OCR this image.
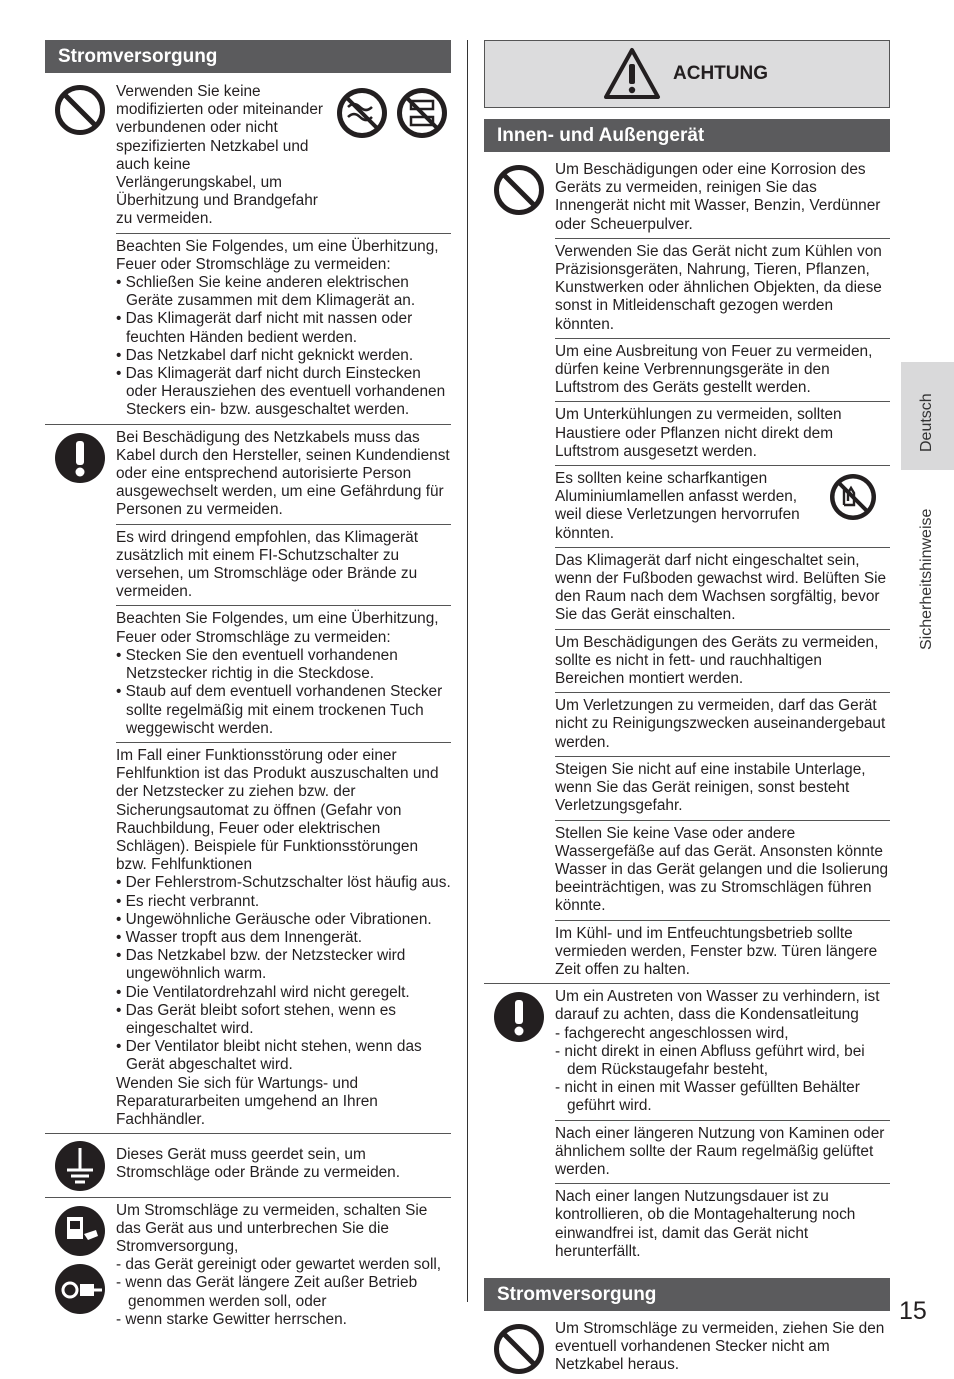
Stromversorgung

Verwenden Sie keine modifizierten oder miteinander verbundenen oder nicht spezifizierten Netzkabel und auch keine Verlängerungskabel, um Überhitzung und Brandgefahr zu vermeiden.

Beachten Sie Folgendes, um eine Überhitzung, Feuer oder Stromschläge zu vermeiden:

• Schließen Sie keine anderen elektrischen Geräte zusammen mit dem Klimagerät an.
• Das Klimagerät darf nicht mit nassen oder feuchten Händen bedient werden.
• Das Netzkabel darf nicht geknickt werden.
• Das Klimagerät darf nicht durch Einstecken oder Herausziehen des eventuell vorhandenen Steckers ein- bzw. ausgeschaltet werden.

Bei Beschädigung des Netzkabels muss das Kabel durch den Hersteller, seinen Kundendienst oder eine entsprechend autorisierte Person ausgewechselt werden, um eine Gefährdung für Personen zu vermeiden.

Es wird dringend empfohlen, das Klimagerät zusätzlich mit einem FI-Schutzschalter zu versehen, um Stromschläge oder Brände zu vermeiden.

Beachten Sie Folgendes, um eine Überhitzung, Feuer oder Stromschläge zu vermeiden:

• Stecken Sie den eventuell vorhandenen Netzstecker richtig in die Steckdose.
• Staub auf dem eventuell vorhandenen Stecker sollte regelmäßig mit einem trockenen Tuch weggewischt werden.

Im Fall einer Funktionsstörung oder einer Fehlfunktion ist das Produkt auszuschalten und der Netzstecker zu ziehen bzw. der Sicherungsautomat zu öffnen (Gefahr von Rauchbildung, Feuer oder elektrischen Schlägen). Beispiele für Funktionsstörungen bzw. Fehlfunktionen

• Der Fehlerstrom-Schutzschalter löst häufig aus.
• Es riecht verbrannt.
• Ungewöhnliche Geräusche oder Vibrationen.
• Wasser tropft aus dem Innengerät.
• Das Netzkabel bzw. der Netzstecker wird ungewöhnlich warm.
• Die Ventilatordrehzahl wird nicht geregelt.
• Das Gerät bleibt sofort stehen, wenn es eingeschaltet wird.
• Der Ventilator bleibt nicht stehen, wenn das Gerät abgeschaltet wird.

Wenden Sie sich für Wartungs- und Reparaturarbeiten umgehend an Ihren Fachhändler.

Dieses Gerät muss geerdet sein, um Stromschläge oder Brände zu vermeiden.

Um Stromschläge zu vermeiden, schalten Sie das Gerät aus und unterbrechen Sie die Stromversorgung,

- das Gerät gereinigt oder gewartet werden soll,
- wenn das Gerät längere Zeit außer Betrieb genommen werden soll, oder
- wenn starke Gewitter herrschen.
ACHTUNG
Innen- und Außengerät

Um Beschädigungen oder eine Korrosion des Geräts zu vermeiden, reinigen Sie das Innengerät nicht mit Wasser, Benzin, Verdünner oder Scheuerpulver.

Verwenden Sie das Gerät nicht zum Kühlen von Präzisionsgeräten, Nahrung, Tieren, Pflanzen, Kunstwerken oder ähnlichen Objekten, da diese sonst in Mitleidenschaft gezogen werden könnten.

Um eine Ausbreitung von Feuer zu vermeiden, dürfen keine Verbrennungsgeräte in den Luftstrom des Geräts gestellt werden.

Um Unterkühlungen zu vermeiden, sollten Haustiere oder Pflanzen nicht direkt dem Luftstrom ausgesetzt werden.

Es sollten keine scharfkantigen Aluminiumlamellen anfasst werden, weil diese Verletzungen hervorrufen könnten.

Das Klimagerät darf nicht eingeschaltet sein, wenn der Fußboden gewachst wird. Belüften Sie den Raum nach dem Wachsen sorgfältig, bevor Sie das Gerät einschalten.

Um Beschädigungen des Geräts zu vermeiden, sollte es nicht in fett- und rauchhaltigen Bereichen montiert werden.

Um Verletzungen zu vermeiden, darf das Gerät nicht zu Reinigungszwecken auseinandergebaut werden.

Steigen Sie nicht auf eine instabile Unterlage, wenn Sie das Gerät reinigen, sonst besteht Verletzungsgefahr.

Stellen Sie keine Vase oder andere Wassergefäße auf das Gerät. Ansonsten könnte Wasser in das Gerät gelangen und die Isolierung beeinträchtigen, was zu Stromschlägen führen könnte.

Im Kühl- und im Entfeuchtungsbetrieb sollte vermieden werden, Fenster bzw. Türen längere Zeit offen zu halten.

Um ein Austreten von Wasser zu verhindern, ist darauf zu achten, dass die Kondensatleitung

- fachgerecht angeschlossen wird,
- nicht direkt in einen Abfluss geführt wird, bei dem Rückstaugefahr besteht,
- nicht in einen mit Wasser gefüllten Behälter geführt wird.

Nach einer längeren Nutzung von Kaminen oder ähnlichem sollte der Raum regelmäßig gelüftet werden.

Nach einer langen Nutzungsdauer ist zu kontrollieren, ob die Montagehalterung noch einwandfrei ist, damit das Gerät nicht herunterfällt.

Stromversorgung

Um Stromschläge zu vermeiden, ziehen Sie den eventuell vorhandenen Stecker nicht am Netzkabel heraus.

Deutsch
Sicherheitshinweise
15
